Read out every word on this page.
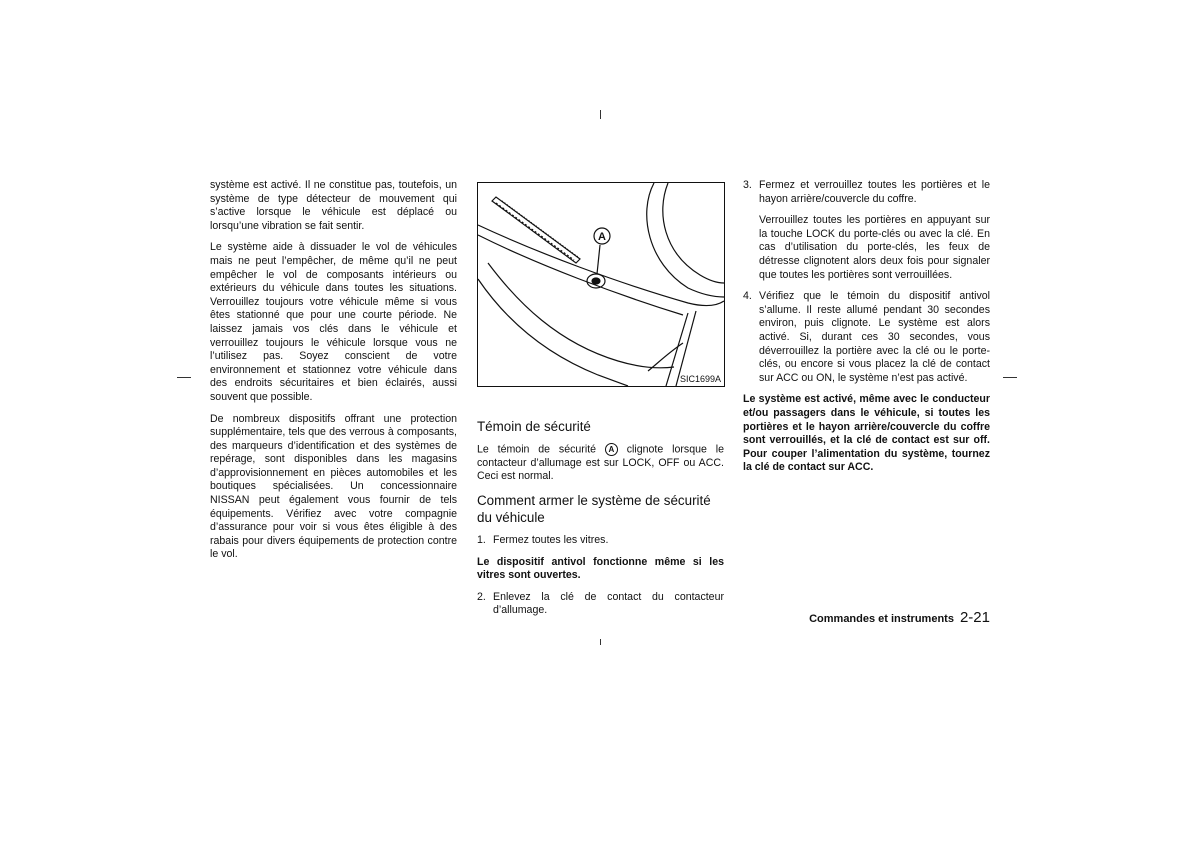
système est activé. Il ne constitue pas, toutefois, un système de type détecteur de mouvement qui s’active lorsque le véhicule est déplacé ou lorsqu’une vibration se fait sentir.

Le système aide à dissuader le vol de véhicules mais ne peut l’empêcher, de même qu’il ne peut empêcher le vol de composants intérieurs ou extérieurs du véhicule dans toutes les situations. Verrouillez toujours votre véhicule même si vous êtes stationné que pour une courte période. Ne laissez jamais vos clés dans le véhicule et verrouillez toujours le véhicule lorsque vous ne l’utilisez pas. Soyez conscient de votre environnement et stationnez votre véhicule dans des endroits sécuritaires et bien éclairés, aussi souvent que possible.

De nombreux dispositifs offrant une protection supplémentaire, tels que des verrous à composants, des marqueurs d’identification et des systèmes de repérage, sont disponibles dans les magasins d’approvisionnement en pièces automobiles et les boutiques spécialisées. Un concessionnaire NISSAN peut également vous fournir de tels équipements. Vérifiez avec votre compagnie d’assurance pour voir si vous êtes éligible à des rabais pour divers équipements de protection contre le vol.

A
SIC1699A
Témoin de sécurité

Le témoin de sécurité A clignote lorsque le contacteur d’allumage est sur LOCK, OFF ou ACC. Ceci est normal.

Comment armer le système de sécurité du véhicule
1. Fermez toutes les vitres.

Le dispositif antivol fonctionne même si les vitres sont ouvertes.

2. Enlevez la clé de contact du contacteur d’allumage.
3. Fermez et verrouillez toutes les portières et le hayon arrière/couvercle du coffre.

Verrouillez toutes les portières en appuyant sur la touche LOCK du porte-clés ou avec la clé. En cas d’utilisation du porte-clés, les feux de détresse clignotent alors deux fois pour signaler que toutes les portières sont verrouillées.

4. Vérifiez que le témoin du dispositif antivol s’allume. Il reste allumé pendant 30 secondes environ, puis clignote. Le système est alors activé. Si, durant ces 30 secondes, vous déverrouillez la portière avec la clé ou le porte-clés, ou encore si vous placez la clé de contact sur ACC ou ON, le système n’est pas activé.

Le système est activé, même avec le conducteur et/ou passagers dans le véhicule, si toutes les portières et le hayon arrière/couvercle du coffre sont verrouillés, et la clé de contact est sur off. Pour couper l’alimentation du système, tournez la clé de contact sur ACC.

Commandes et instruments 2-21
